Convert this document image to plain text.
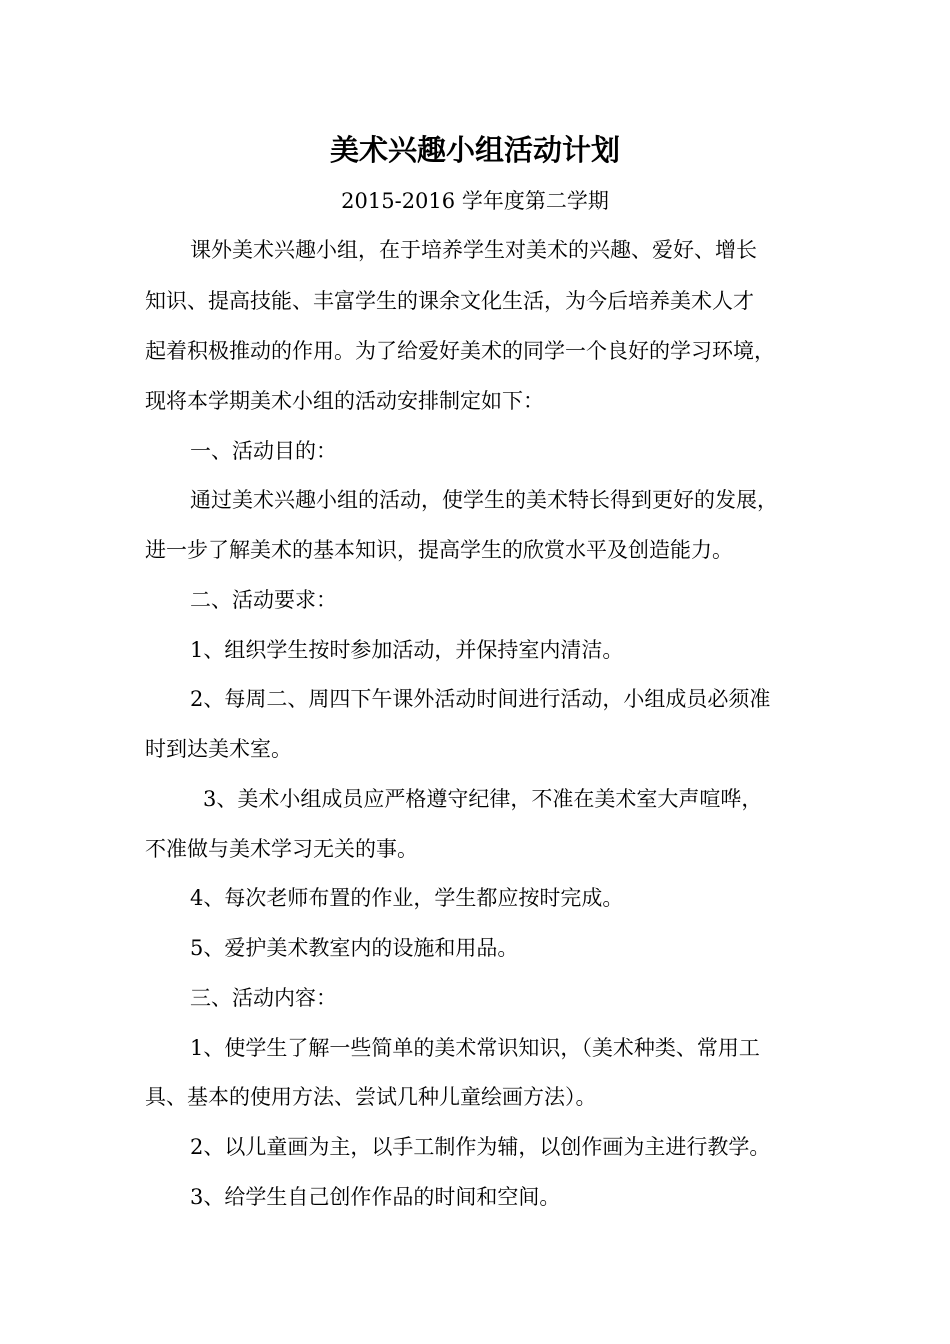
美术兴趣小组活动计划
2015-2016 学年度第二学期
课外美术兴趣小组，在于培养学生对美术的兴趣、爱好、增长
知识、提高技能、丰富学生的课余文化生活，为今后培养美术人才
起着积极推动的作用。为了给爱好美术的同学一个良好的学习环境，
现将本学期美术小组的活动安排制定如下：
一、活动目的：
通过美术兴趣小组的活动，使学生的美术特长得到更好的发展，
进一步了解美术的基本知识，提高学生的欣赏水平及创造能力。
二、活动要求：
1、组织学生按时参加活动，并保持室内清洁。
2、每周二、周四下午课外活动时间进行活动，小组成员必须准
时到达美术室。
3、美术小组成员应严格遵守纪律，不准在美术室大声喧哗，
不准做与美术学习无关的事。
4、每次老师布置的作业，学生都应按时完成。
5、爱护美术教室内的设施和用品。
三、活动内容：
1、使学生了解一些简单的美术常识知识，（美术种类、常用工
具、基本的使用方法、尝试几种儿童绘画方法）。
2、以儿童画为主，以手工制作为辅，以创作画为主进行教学。
3、给学生自己创作作品的时间和空间。
